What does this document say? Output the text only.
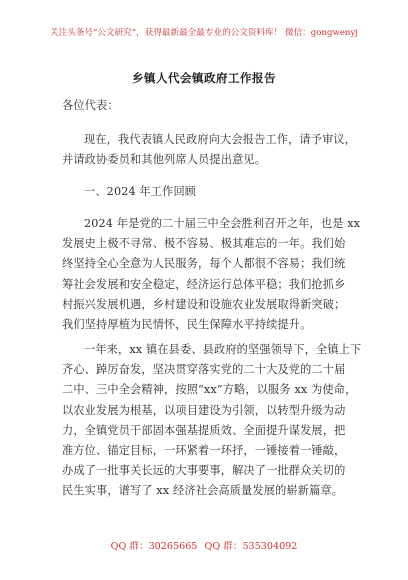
关注头条号“公文研究”，获得最新最全最专业的公文资料库！ 微信：gongwenyj
乡镇人代会镇政府工作报告
各位代表：
现在，我代表镇人民政府向大会报告工作，请予审议，
并请政协委员和其他列席人员提出意见。
一、2024 年工作回顾
2024 年是党的二十届三中全会胜利召开之年，也是 xx
发展史上极不寻常、极不容易、极其难忘的一年。我们始
终坚持全心全意为人民服务，每个人都很不容易；我们统
筹社会发展和安全稳定，经济运行总体平稳；我们抢抓乡
村振兴发展机遇，乡村建设和设施农业发展取得新突破；
我们坚持厚植为民情怀，民生保障水平持续提升。
一年来，xx 镇在县委、县政府的坚强领导下，全镇上下
齐心、踔厉奋发，坚决贯穿落实党的二十大及党的二十届
二中、三中全会精神，按照“xx”方略，以服务 xx 为使命，
以农业发展为根基，以项目建设为引领，以转型升级为动
力，全镇党员干部固本强基提质效、全面提升谋发展，把
准方位、锚定目标，一环紧着一环抒，一锤接着一锤敲，
办成了一批事关长远的大事要事，解决了一批群众关切的
民生实事，谱写了 xx 经济社会高质量发展的崭新篇章。
QQ 群：30265665 QQ 群：535304092
